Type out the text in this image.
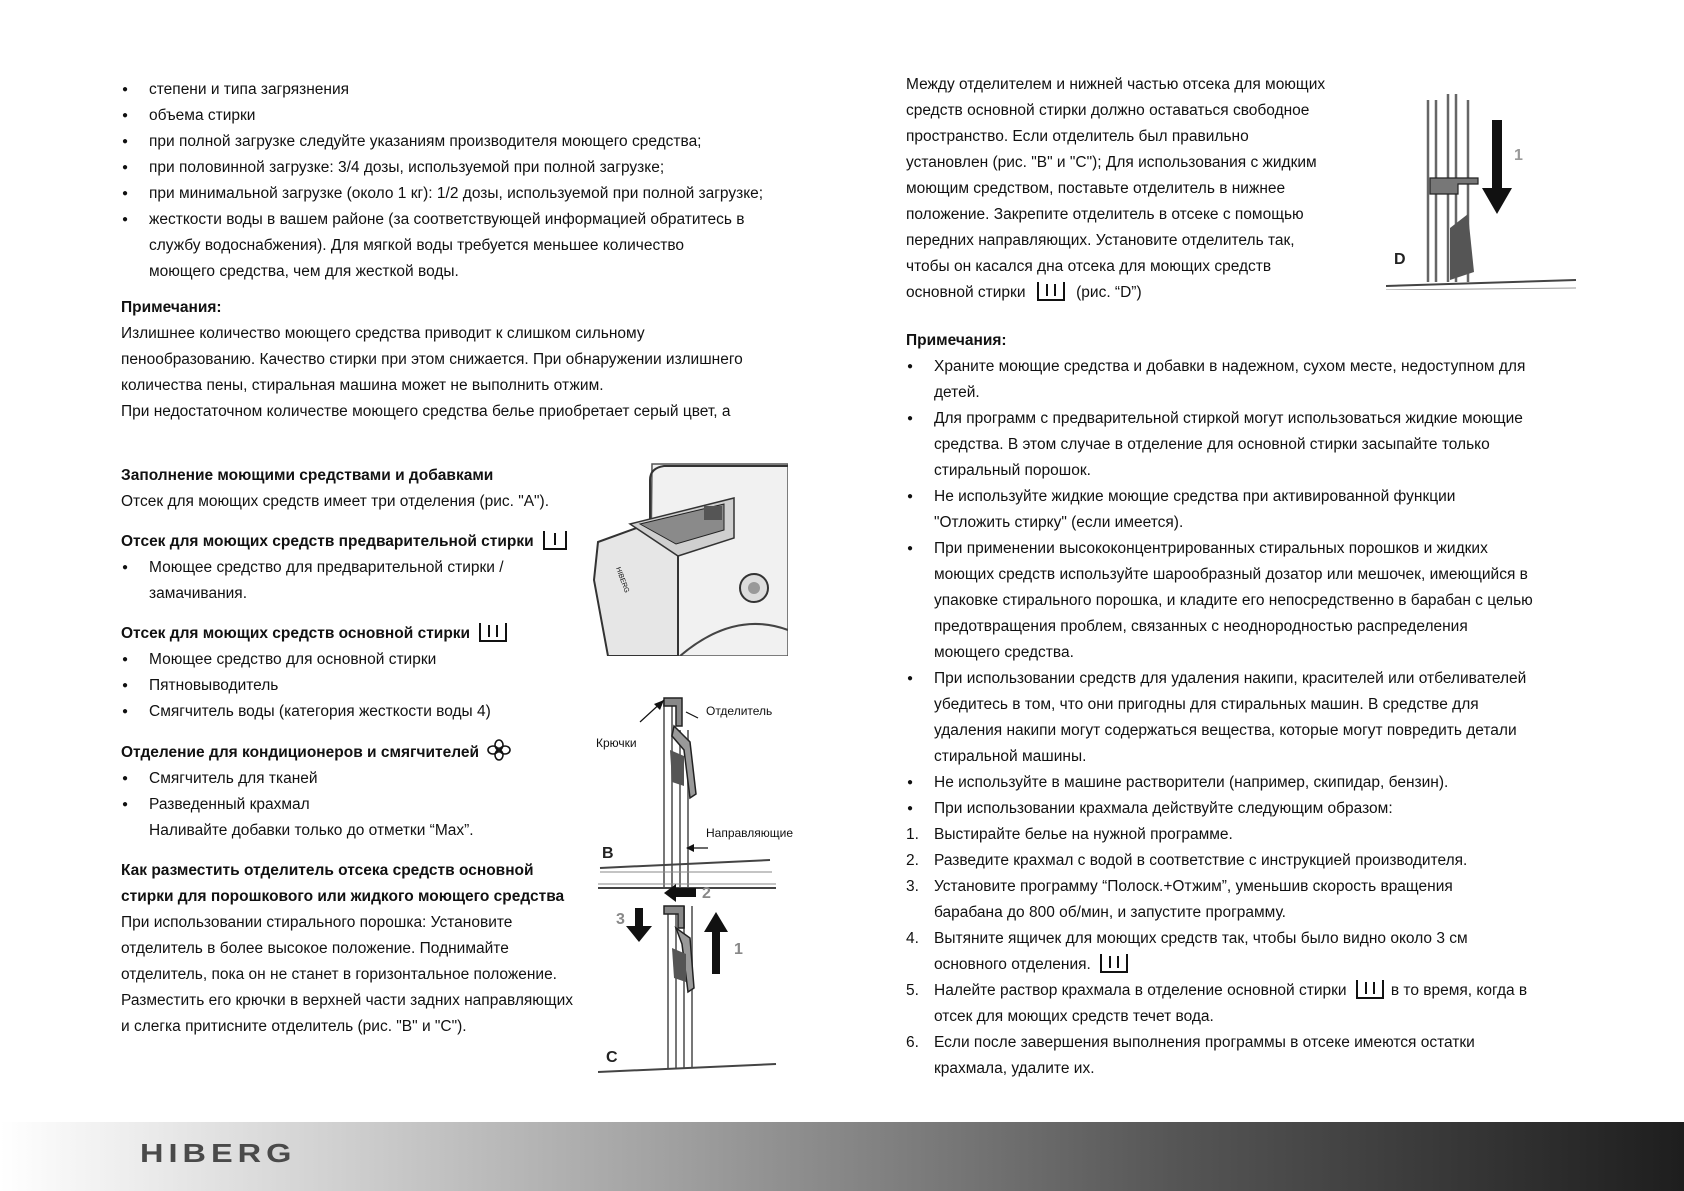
● степени и типа загрязнения
● объема стирки
● при полной загрузке следуйте указаниям производителя моющего средства;
● при половинной загрузке: 3/4 дозы, используемой при полной загрузке;
● при минимальной загрузке (около 1 кг): 1/2 дозы, используемой при полной загрузке;
● жесткости воды в вашем районе (за соответствующей информацией обратитесь в
службу водоснабжения). Для мягкой воды требуется меньшее количество
моющего средства, чем для жесткой воды.
Примечания:
Излишнее количество моющего средства приводит к слишком сильному
пенообразованию. Качество стирки при этом снижается. При обнаружении излишнего
количества пены, стиральная машина может не выполнить отжим.
При недостаточном количестве моющего средства белье приобретает серый цвет, а
Заполнение моющими средствами и добавками
Отсек для моющих средств имеет три отделения (рис. "А").
Отсек для моющих средств предварительной стирки
● Моющее средство для предварительной стирки /
замачивания.
Отсек для моющих средств основной стирки
● Моющее средство для основной стирки
● Пятновыводитель
● Смягчитель воды (категория жесткости воды 4)
Отделение для кондиционеров и смягчителей
● Смягчитель для тканей
● Разведенный крахмал
Наливайте добавки только до отметки “Max”.
Как разместить отделитель отсека средств основной
стирки для порошкового или жидкого моющего средства
При использовании стирального порошка: Установите
отделитель в более высокое положение. Поднимайте
отделитель, пока он не станет в горизонтальное положение.
Разместить его крючки в верхней части задних направляющих
и слегка притисните отделитель (рис. "B" и "C").
HIBERG
Отделитель
Крючки
Направляющие
B
2
3
1
C
Между отделителем и нижней частью отсека для моющих
средств основной стирки должно оставаться свободное
пространство. Если отделитель был правильно
установлен (рис. "B" и "C"); Для использования с жидким
моющим средством, поставьте отделитель в нижнее
положение. Закрепите отделитель в отсеке с помощью
передних направляющих. Установите отделитель так,
чтобы он касался дна отсека для моющих средств
основной стирки	(рис. “D”)
1
D
Примечания:
● Храните моющие средства и добавки в надежном, сухом месте, недоступном для
детей.
● Для программ с предварительной стиркой могут использоваться жидкие моющие
средства. В этом случае в отделение для основной стирки засыпайте только
стиральный порошок.
● Не используйте жидкие моющие средства при активированной функции
"Отложить стирку" (если имеется).
● При применении высококонцентрированных стиральных порошков и жидких
моющих средств используйте шарообразный дозатор или мешочек, имеющийся в
упаковке стирального порошка, и кладите его непосредственно в барабан с целью
предотвращения проблем, связанных с неоднородностью распределения
моющего средства.
● При использовании средств для удаления накипи, красителей или отбеливателей
убедитесь в том, что они пригодны для стиральных машин. В средстве для
удаления накипи могут содержаться вещества, которые могут повредить детали
стиральной машины.
● Не используйте в машине растворители (например, скипидар, бензин).
● При использовании крахмала действуйте следующим образом:
1. Выстирайте белье на нужной программе.
2. Разведите крахмал с водой в соответствие с инструкцией производителя.
3. Установите программу “Полоск.+Отжим”, уменьшив скорость вращения
барабана до 800 об/мин, и запустите программу.
4. Вытяните ящичек для моющих средств так, чтобы было видно около 3 см
основного отделения.
5. Налейте раствор крахмала в отделение основной стирки	в то время, когда в
отсек для моющих средств течет вода.
6. Если после завершения выполнения программы в отсеке имеются остатки
крахмала, удалите их.
HIBERG
